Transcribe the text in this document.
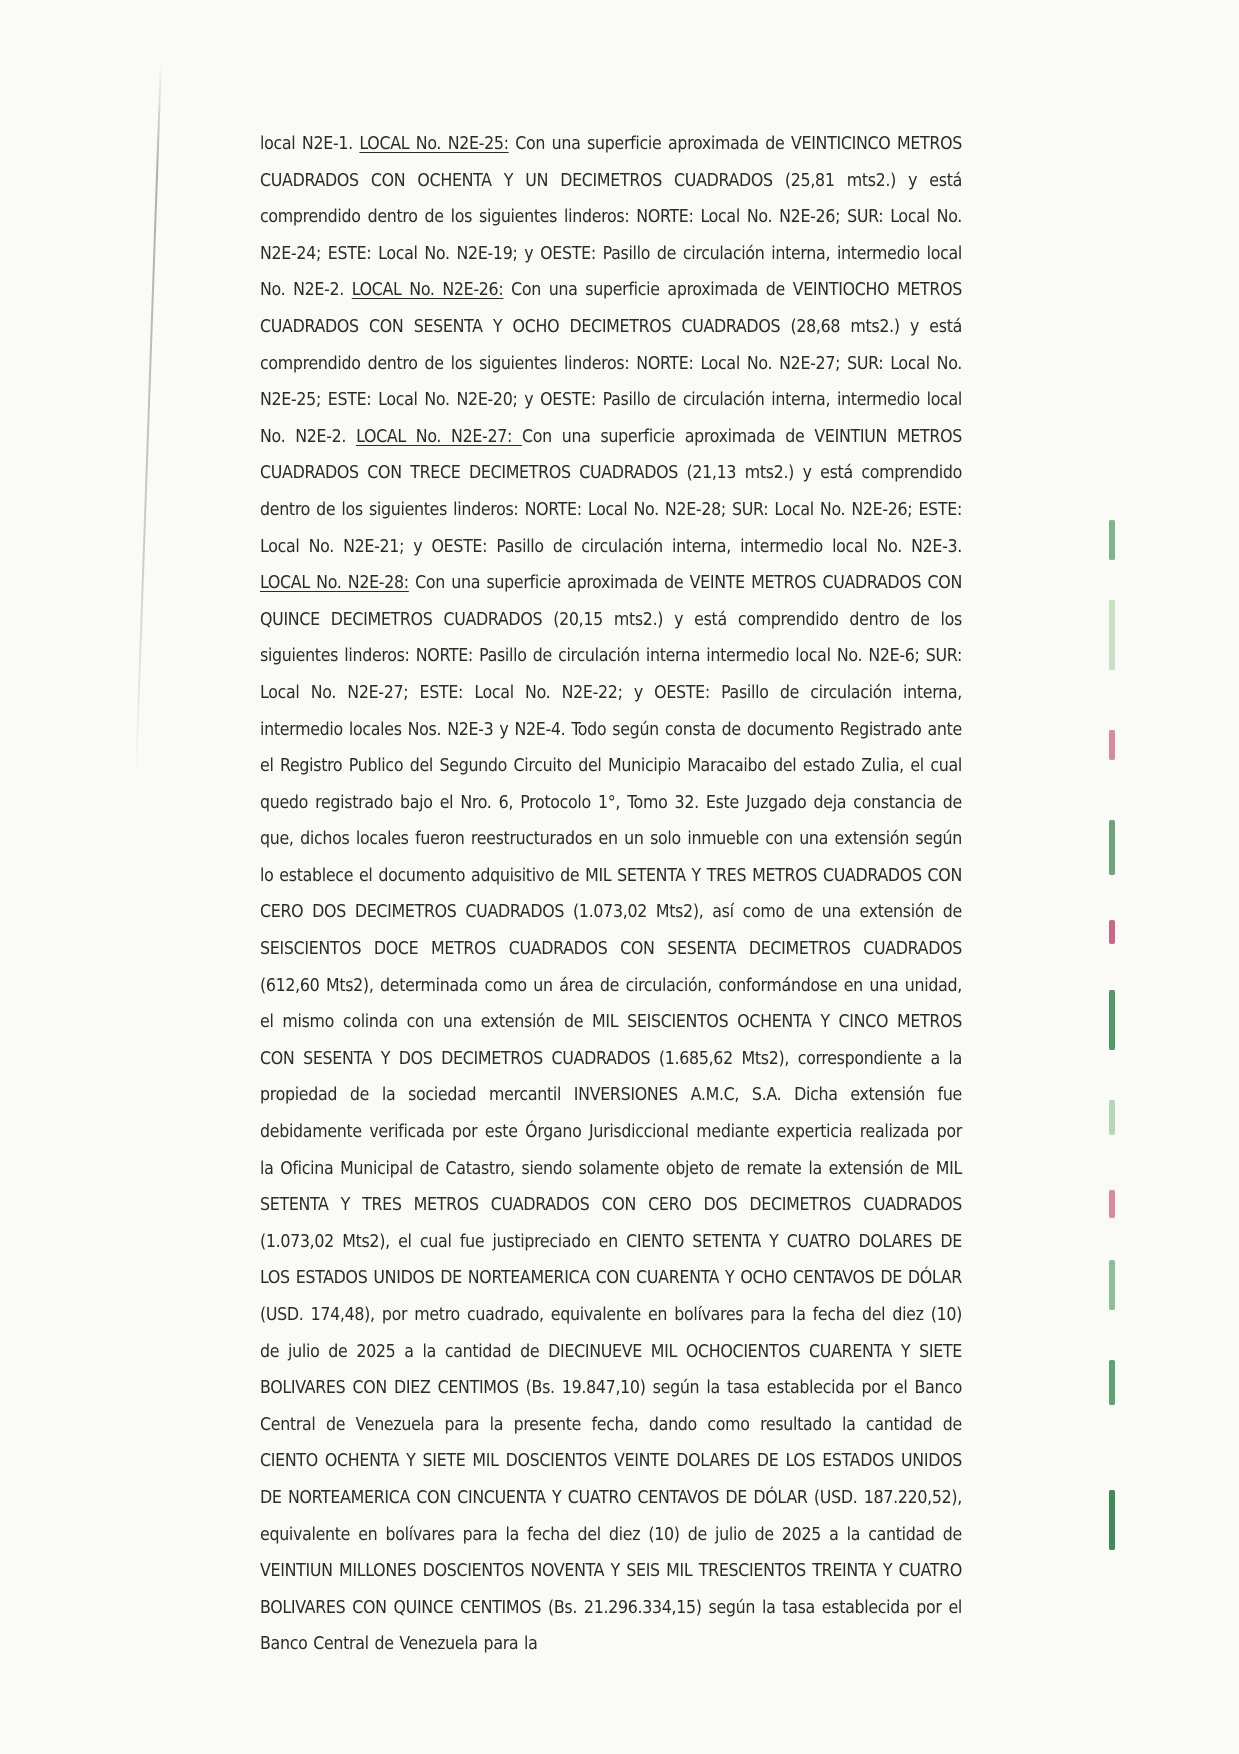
local N2E-1. LOCAL No. N2E-25: Con una superficie aproximada de VEINTICINCO METROS CUADRADOS CON OCHENTA Y UN DECIMETROS CUADRADOS (25,81 mts2.) y está comprendido dentro de los siguientes linderos: NORTE: Local No. N2E-26; SUR: Local No. N2E-24; ESTE: Local No. N2E-19; y OESTE: Pasillo de circulación interna, intermedio local No. N2E-2. LOCAL No. N2E-26: Con una superficie aproximada de VEINTIOCHO METROS CUADRADOS CON SESENTA Y OCHO DECIMETROS CUADRADOS (28,68 mts2.) y está comprendido dentro de los siguientes linderos: NORTE: Local No. N2E-27; SUR: Local No. N2E-25; ESTE: Local No. N2E-20; y OESTE: Pasillo de circulación interna, intermedio local No. N2E-2. LOCAL No. N2E-27: Con una superficie aproximada de VEINTIUN METROS CUADRADOS CON TRECE DECIMETROS CUADRADOS (21,13 mts2.) y está comprendido dentro de los siguientes linderos: NORTE: Local No. N2E-28; SUR: Local No. N2E-26; ESTE: Local No. N2E-21; y OESTE: Pasillo de circulación interna, intermedio local No. N2E-3. LOCAL No. N2E-28: Con una superficie aproximada de VEINTE METROS CUADRADOS CON QUINCE DECIMETROS CUADRADOS (20,15 mts2.) y está comprendido dentro de los siguientes linderos: NORTE: Pasillo de circulación interna intermedio local No. N2E-6; SUR: Local No. N2E-27; ESTE: Local No. N2E-22; y OESTE: Pasillo de circulación interna, intermedio locales Nos. N2E-3 y N2E-4. Todo según consta de documento Registrado ante el Registro Publico del Segundo Circuito del Municipio Maracaibo del estado Zulia, el cual quedo registrado bajo el Nro. 6, Protocolo 1°, Tomo 32. Este Juzgado deja constancia de que, dichos locales fueron reestructurados en un solo inmueble con una extensión según lo establece el documento adquisitivo de MIL SETENTA Y TRES METROS CUADRADOS CON CERO DOS DECIMETROS CUADRADOS (1.073,02 Mts2), así como de una extensión de SEISCIENTOS DOCE METROS CUADRADOS CON SESENTA DECIMETROS CUADRADOS (612,60 Mts2), determinada como un área de circulación, conformándose en una unidad, el mismo colinda con una extensión de MIL SEISCIENTOS OCHENTA Y CINCO METROS CON SESENTA Y DOS DECIMETROS CUADRADOS (1.685,62 Mts2), correspondiente a la propiedad de la sociedad mercantil INVERSIONES A.M.C, S.A. Dicha extensión fue debidamente verificada por este Órgano Jurisdiccional mediante experticia realizada por la Oficina Municipal de Catastro, siendo solamente objeto de remate la extensión de MIL SETENTA Y TRES METROS CUADRADOS CON CERO DOS DECIMETROS CUADRADOS (1.073,02 Mts2), el cual fue justipreciado en CIENTO SETENTA Y CUATRO DOLARES DE LOS ESTADOS UNIDOS DE NORTEAMERICA CON CUARENTA Y OCHO CENTAVOS DE DÓLAR (USD. 174,48), por metro cuadrado, equivalente en bolívares para la fecha del diez (10) de julio de 2025 a la cantidad de DIECINUEVE MIL OCHOCIENTOS CUARENTA Y SIETE BOLIVARES CON DIEZ CENTIMOS (Bs. 19.847,10) según la tasa establecida por el Banco Central de Venezuela para la presente fecha, dando como resultado la cantidad de CIENTO OCHENTA Y SIETE MIL DOSCIENTOS VEINTE DOLARES DE LOS ESTADOS UNIDOS DE NORTEAMERICA CON CINCUENTA Y CUATRO CENTAVOS DE DÓLAR (USD. 187.220,52), equivalente en bolívares para la fecha del diez (10) de julio de 2025 a la cantidad de VEINTIUN MILLONES DOSCIENTOS NOVENTA Y SEIS MIL TRESCIENTOS TREINTA Y CUATRO BOLIVARES CON QUINCE CENTIMOS (Bs. 21.296.334,15) según la tasa establecida por el Banco Central de Venezuela para la
